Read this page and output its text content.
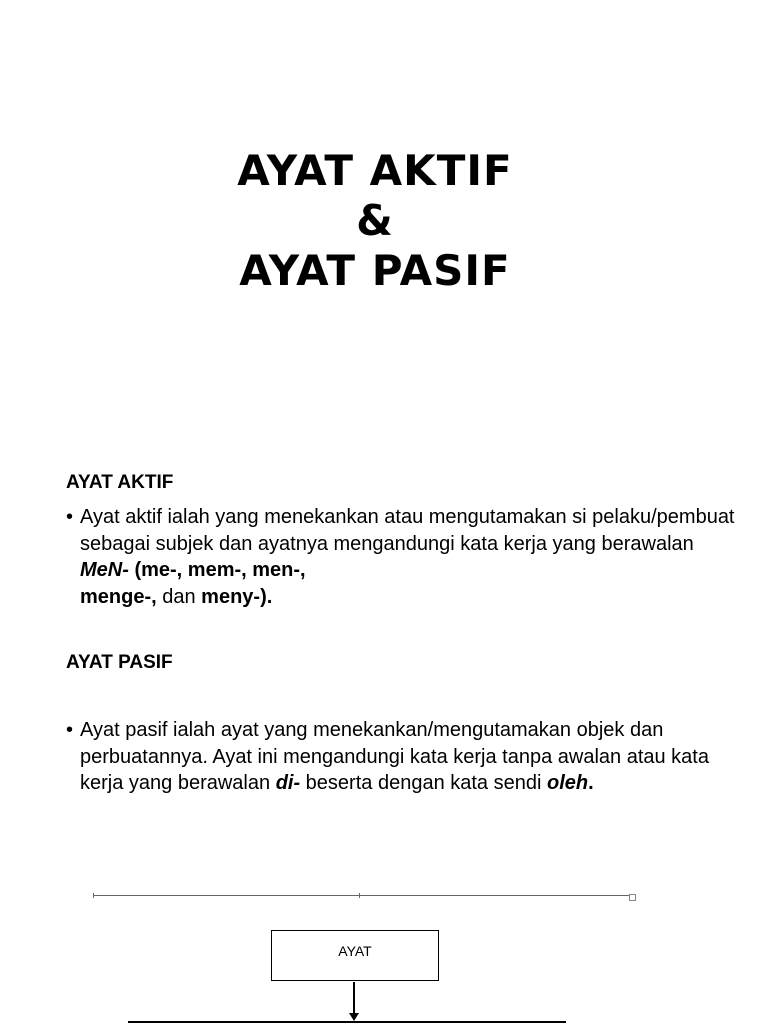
AYAT AKTIF
&
AYAT PASIF
AYAT AKTIF
• Ayat aktif ialah yang menekankan atau mengutamakan si pelaku/pembuat sebagai subjek dan ayatnya mengandungi kata kerja yang berawalan MeN- (me-, mem-, men-,
menge-, dan meny-).
AYAT PASIF
• Ayat pasif ialah ayat yang menekankan/mengutamakan objek dan perbuatannya. Ayat ini mengandungi kata kerja tanpa awalan atau kata kerja yang berawalan di- beserta dengan kata sendi oleh.
AYAT
